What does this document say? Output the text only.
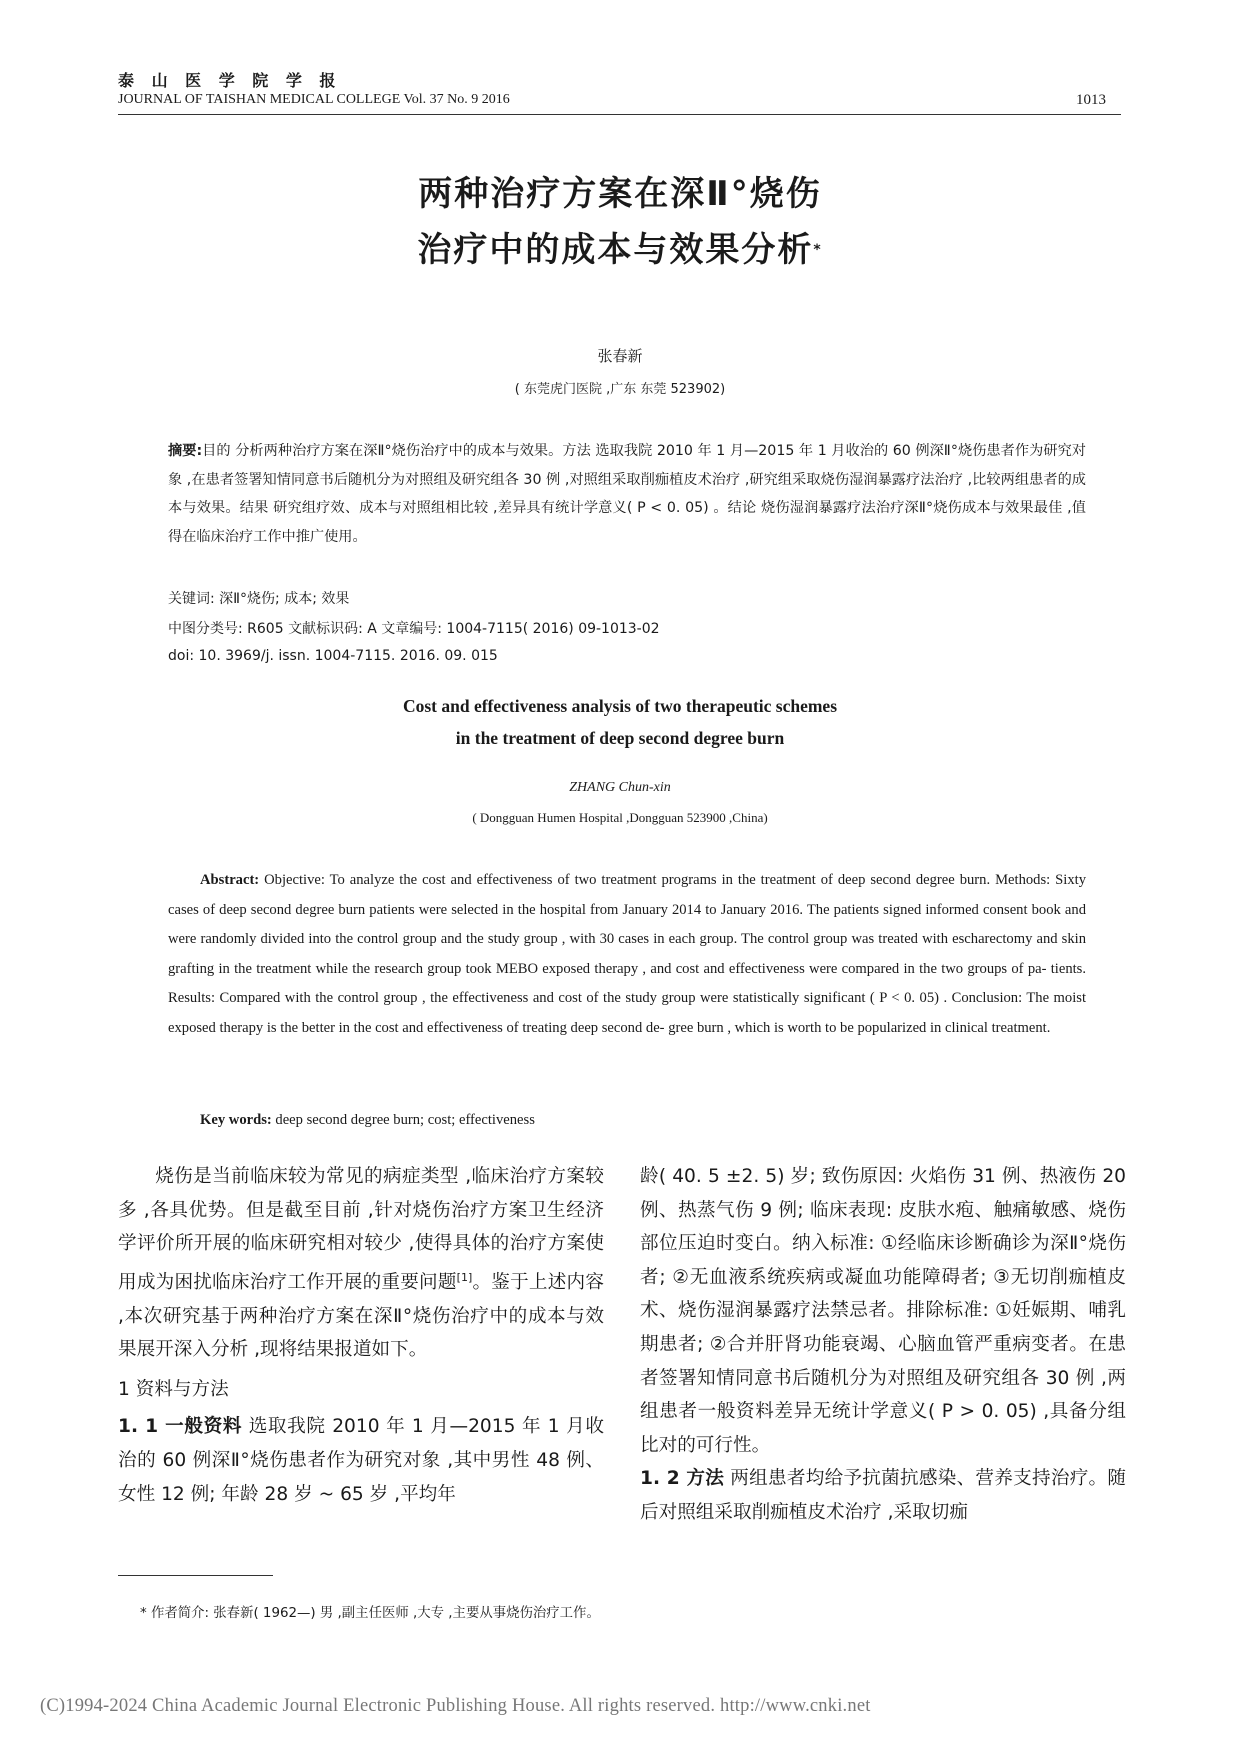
泰 山 医 学 院 学 报
JOURNAL OF TAISHAN MEDICAL COLLEGE Vol. 37 No. 9 2016	1013
两种治疗方案在深Ⅱ°烧伤
治疗中的成本与效果分析*
张春新
( 东莞虎门医院 ,广东 东莞 523902)
摘要:目的 分析两种治疗方案在深Ⅱ°烧伤治疗中的成本与效果。方法 选取我院 2010 年 1 月—2015 年 1 月收治的 60 例深Ⅱ°烧伤患者作为研究对象 ,在患者签署知情同意书后随机分为对照组及研究组各 30 例 ,对照组采取削痂植皮术治疗 ,研究组采取烧伤湿润暴露疗法治疗 ,比较两组患者的成本与效果。结果 研究组疗效、成本与对照组相比较 ,差异具有统计学意义( P < 0. 05) 。结论 烧伤湿润暴露疗法治疗深Ⅱ°烧伤成本与效果最佳 ,值得在临床治疗工作中推广使用。
关键词: 深Ⅱ°烧伤; 成本; 效果
中图分类号: R605 文献标识码: A 文章编号: 1004-7115( 2016) 09-1013-02
doi: 10. 3969/j. issn. 1004-7115. 2016. 09. 015
Cost and effectiveness analysis of two therapeutic schemes
in the treatment of deep second degree burn
ZHANG Chun-xin
( Dongguan Humen Hospital ,Dongguan 523900 ,China)
Abstract: Objective: To analyze the cost and effectiveness of two treatment programs in the treatment of deep second degree burn. Methods: Sixty cases of deep second degree burn patients were selected in the hospital from January 2014 to January 2016. The patients signed informed consent book and were randomly divided into the control group and the study group , with 30 cases in each group. The control group was treated with escharectomy and skin grafting in the treatment while the research group took MEBO exposed therapy , and cost and effectiveness were compared in the two groups of pa- tients. Results: Compared with the control group , the effectiveness and cost of the study group were statistically significant ( P < 0. 05) . Conclusion: The moist exposed therapy is the better in the cost and effectiveness of treating deep second de- gree burn , which is worth to be popularized in clinical treatment.
Key words: deep second degree burn; cost; effectiveness

烧伤是当前临床较为常见的病症类型 ,临床治疗方案较多 ,各具优势。但是截至目前 ,针对烧伤治疗方案卫生经济学评价所开展的临床研究相对较少 ,使得具体的治疗方案使用成为困扰临床治疗工作开展的重要问题[1]。鉴于上述内容 ,本次研究基于两种治疗方案在深Ⅱ°烧伤治疗中的成本与效果展开深入分析 ,现将结果报道如下。

1 资料与方法

1. 1 一般资料 选取我院 2010 年 1 月—2015 年 1 月收治的 60 例深Ⅱ°烧伤患者作为研究对象 ,其中男性 48 例、女性 12 例; 年龄 28 岁 ~ 65 岁 ,平均年

龄( 40. 5 ±2. 5) 岁; 致伤原因: 火焰伤 31 例、热液伤 20 例、热蒸气伤 9 例; 临床表现: 皮肤水疱、触痛敏感、烧伤部位压迫时变白。纳入标准: ①经临床诊断确诊为深Ⅱ°烧伤者; ②无血液系统疾病或凝血功能障碍者; ③无切削痂植皮术、烧伤湿润暴露疗法禁忌者。排除标准: ①妊娠期、哺乳期患者; ②合并肝肾功能衰竭、心脑血管严重病变者。在患者签署知情同意书后随机分为对照组及研究组各 30 例 ,两组患者一般资料差异无统计学意义( P > 0. 05) ,具备分组比对的可行性。

1. 2 方法 两组患者均给予抗菌抗感染、营养支持治疗。随后对照组采取削痂植皮术治疗 ,采取切痂

* 作者简介: 张春新( 1962—) 男 ,副主任医师 ,大专 ,主要从事烧伤治疗工作。
(C)1994-2024 China Academic Journal Electronic Publishing House. All rights reserved. http://www.cnki.net
